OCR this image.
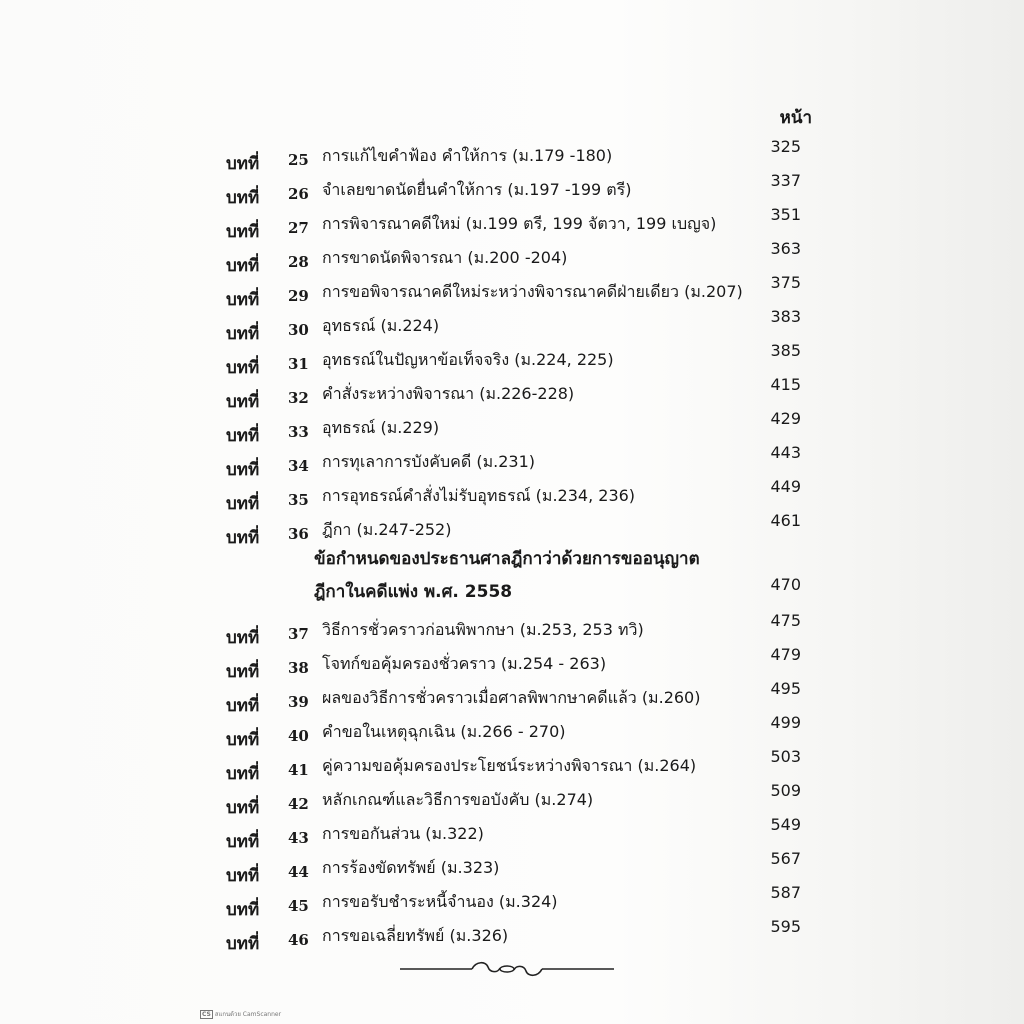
หน้า
บทที่	25 การแก้ไขคำฟ้อง คำให้การ (ม.179 -180)	325
บทที่	26 จำเลยขาดนัดยื่นคำให้การ (ม.197 -199 ตรี)	337
บทที่	27 การพิจารณาคดีใหม่ (ม.199 ตรี, 199 จัตวา, 199 เบญจ)	351
บทที่	28 การขาดนัดพิจารณา (ม.200 -204)	363
บทที่	29 การขอพิจารณาคดีใหม่ระหว่างพิจารณาคดีฝ่ายเดียว (ม.207) 375
บทที่	30 อุทธรณ์ (ม.224)	383
บทที่	31 อุทธรณ์ในปัญหาข้อเท็จจริง (ม.224, 225)	385
บทที่	32 คำสั่งระหว่างพิจารณา (ม.226-228)	415
บทที่	33 อุทธรณ์ (ม.229)	429
บทที่	34 การทุเลาการบังคับคดี (ม.231)	443
บทที่	35 การอุทธรณ์คำสั่งไม่รับอุทธรณ์ (ม.234, 236)	449
บทที่	36 ฎีกา (ม.247-252)	461
ข้อกำหนดของประธานศาลฎีกาว่าด้วยการขออนุญาต
ฎีกาในคดีแพ่ง พ.ศ. 2558	470
บทที่	37 วิธีการชั่วคราวก่อนพิพากษา (ม.253, 253 ทวิ)	475
บทที่	38 โจทก์ขอคุ้มครองชั่วคราว (ม.254 - 263)	479
บทที่	39 ผลของวิธีการชั่วคราวเมื่อศาลพิพากษาคดีแล้ว (ม.260)	495
บทที่	40 คำขอในเหตุฉุกเฉิน (ม.266 - 270)	499
บทที่	41 คู่ความขอคุ้มครองประโยชน์ระหว่างพิจารณา (ม.264)	503
บทที่	42 หลักเกณฑ์และวิธีการขอบังคับ (ม.274)	509
บทที่	43 การขอกันส่วน (ม.322)	549
บทที่	44 การร้องขัดทรัพย์ (ม.323)	567
บทที่	45 การขอรับชำระหนี้จำนอง (ม.324)	587
บทที่	46 การขอเฉลี่ยทรัพย์ (ม.326)	595
CS สแกนด้วย CamScanner
